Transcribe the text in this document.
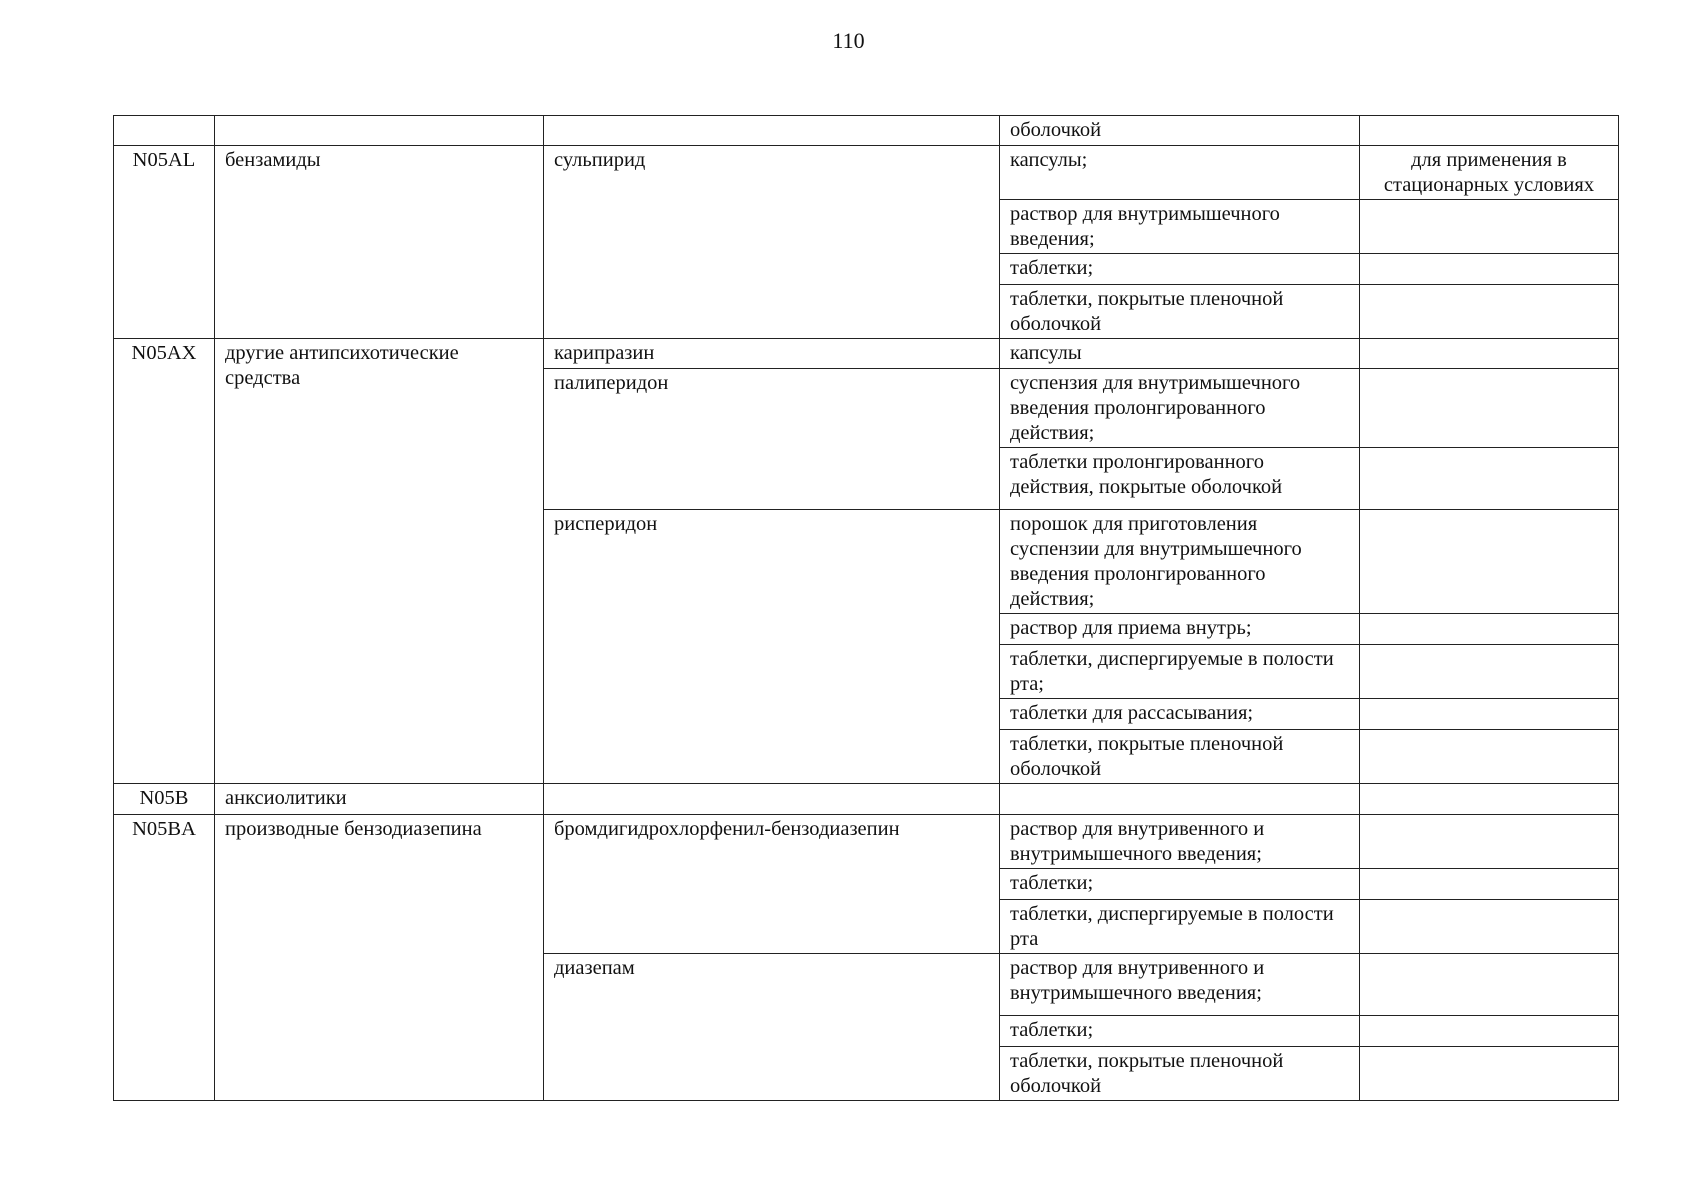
110
			оболочкой	
N05AL	бензамиды	сульпирид	капсулы;	для применения в стационарных условиях
			раствор для внутримышечного введения;	
			таблетки;	
			таблетки, покрытые пленочной оболочкой	
N05AX	другие антипсихотические средства	карипразин	капсулы	
		палиперидон	суспензия для внутримышечного введения пролонгированного действия;	
			таблетки пролонгированного действия, покрытые оболочкой	
		рисперидон	порошок для приготовления суспензии для внутримышечного введения пролонгированного действия;	
			раствор для приема внутрь;	
			таблетки, диспергируемые в полости рта;	
			таблетки для рассасывания;	
			таблетки, покрытые пленочной оболочкой	
N05B	анксиолитики			
N05BA	производные бензодиазепина	бромдигидрохлорфенил-бензодиазепин	раствор для внутривенного и внутримышечного введения;	
			таблетки;	
			таблетки, диспергируемые в полости рта	
		диазепам	раствор для внутривенного и внутримышечного введения;	
			таблетки;	
			таблетки, покрытые пленочной оболочкой	
